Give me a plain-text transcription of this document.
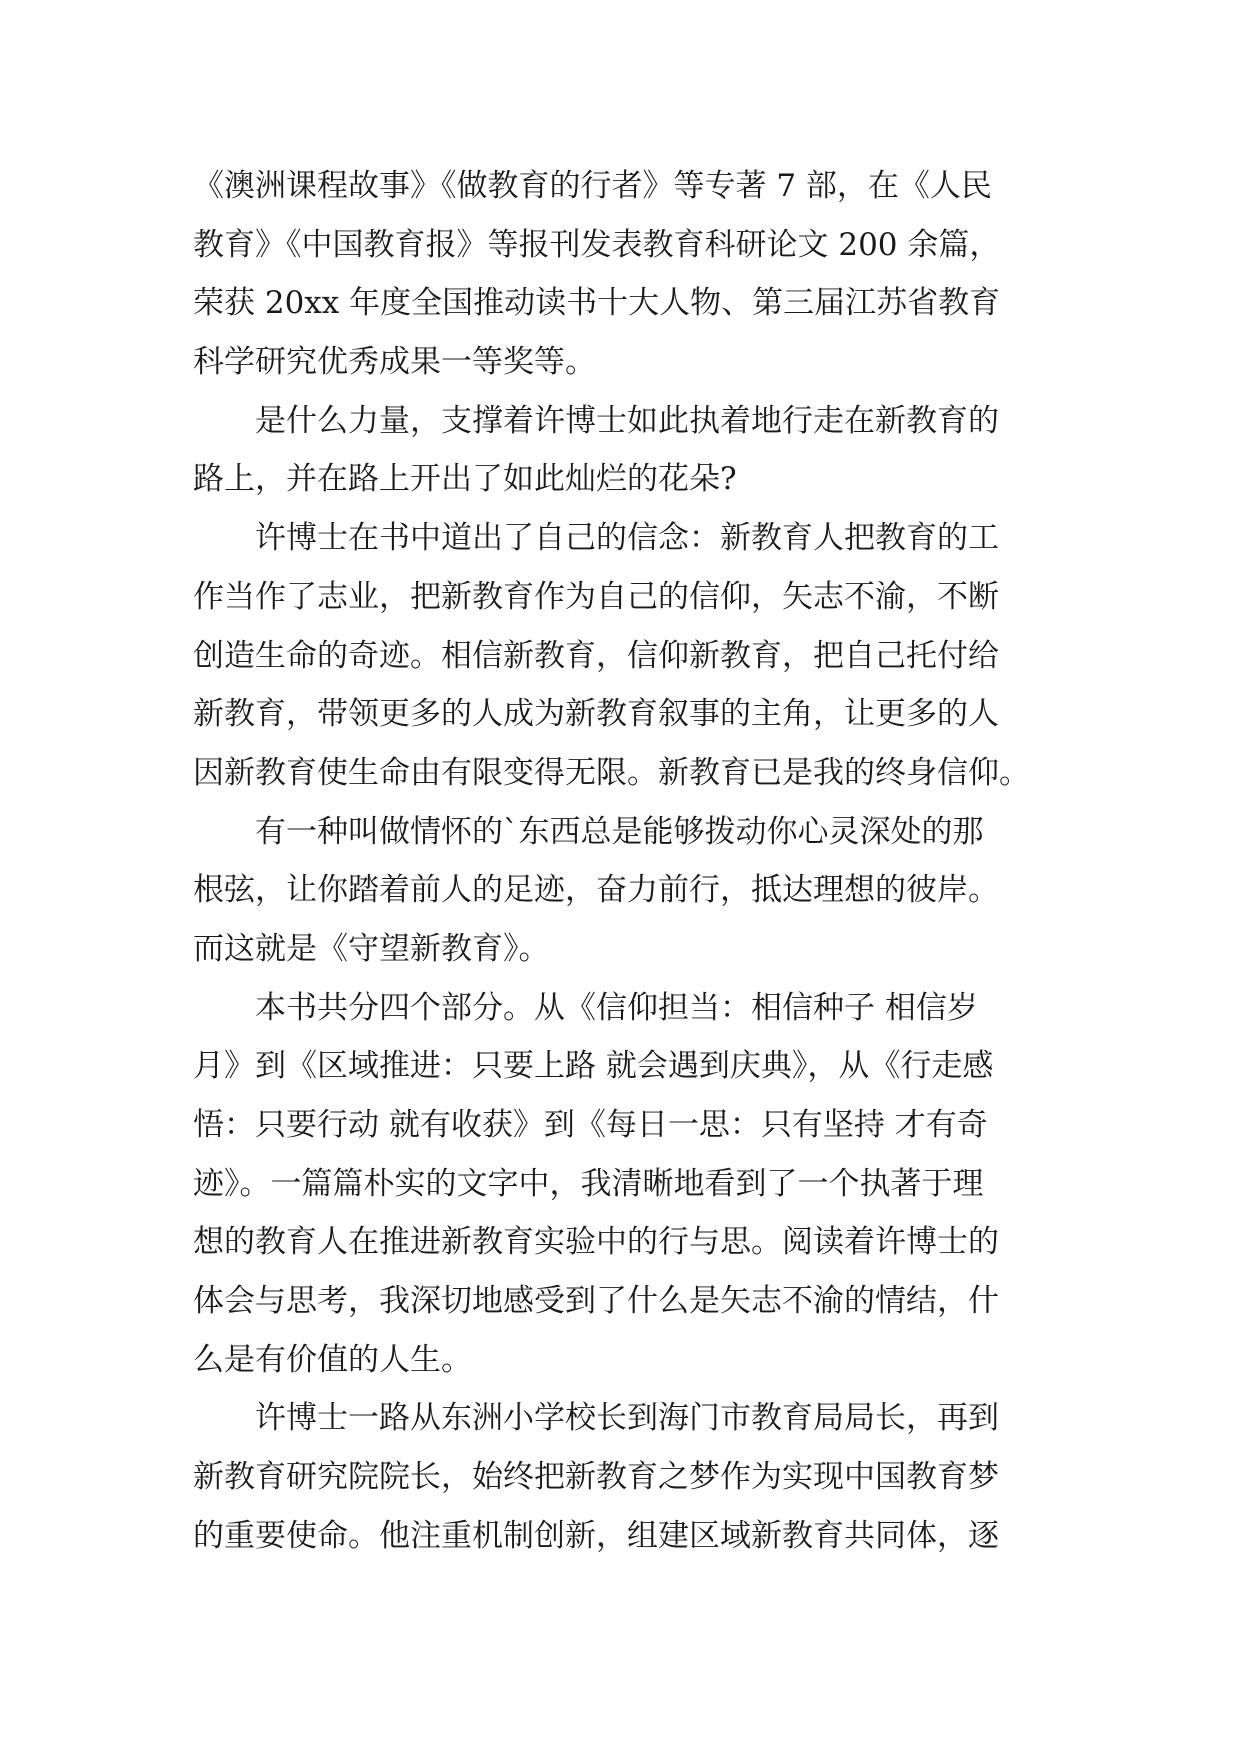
《澳洲课程故事》《做教育的行者》等专著 7 部，在《人民
教育》《中国教育报》等报刊发表教育科研论文 200 余篇，
荣获 20xx 年度全国推动读书十大人物、第三届江苏省教育
科学研究优秀成果一等奖等。
是什么力量，支撑着许博士如此执着地行走在新教育的
路上，并在路上开出了如此灿烂的花朵?
许博士在书中道出了自己的信念：新教育人把教育的工
作当作了志业，把新教育作为自己的信仰，矢志不渝，不断
创造生命的奇迹。相信新教育，信仰新教育，把自己托付给
新教育，带领更多的人成为新教育叙事的主角，让更多的人
因新教育使生命由有限变得无限。新教育已是我的终身信仰。
有一种叫做情怀的`东西总是能够拨动你心灵深处的那
根弦，让你踏着前人的足迹，奋力前行，抵达理想的彼岸。
而这就是《守望新教育》。
本书共分四个部分。从《信仰担当：相信种子 相信岁
月》到《区域推进：只要上路 就会遇到庆典》，从《行走感
悟：只要行动 就有收获》到《每日一思：只有坚持 才有奇
迹》。一篇篇朴实的文字中，我清晰地看到了一个执著于理
想的教育人在推进新教育实验中的行与思。阅读着许博士的
体会与思考，我深切地感受到了什么是矢志不渝的情结，什
么是有价值的人生。
许博士一路从东洲小学校长到海门市教育局局长，再到
新教育研究院院长，始终把新教育之梦作为实现中国教育梦
的重要使命。他注重机制创新，组建区域新教育共同体，逐
